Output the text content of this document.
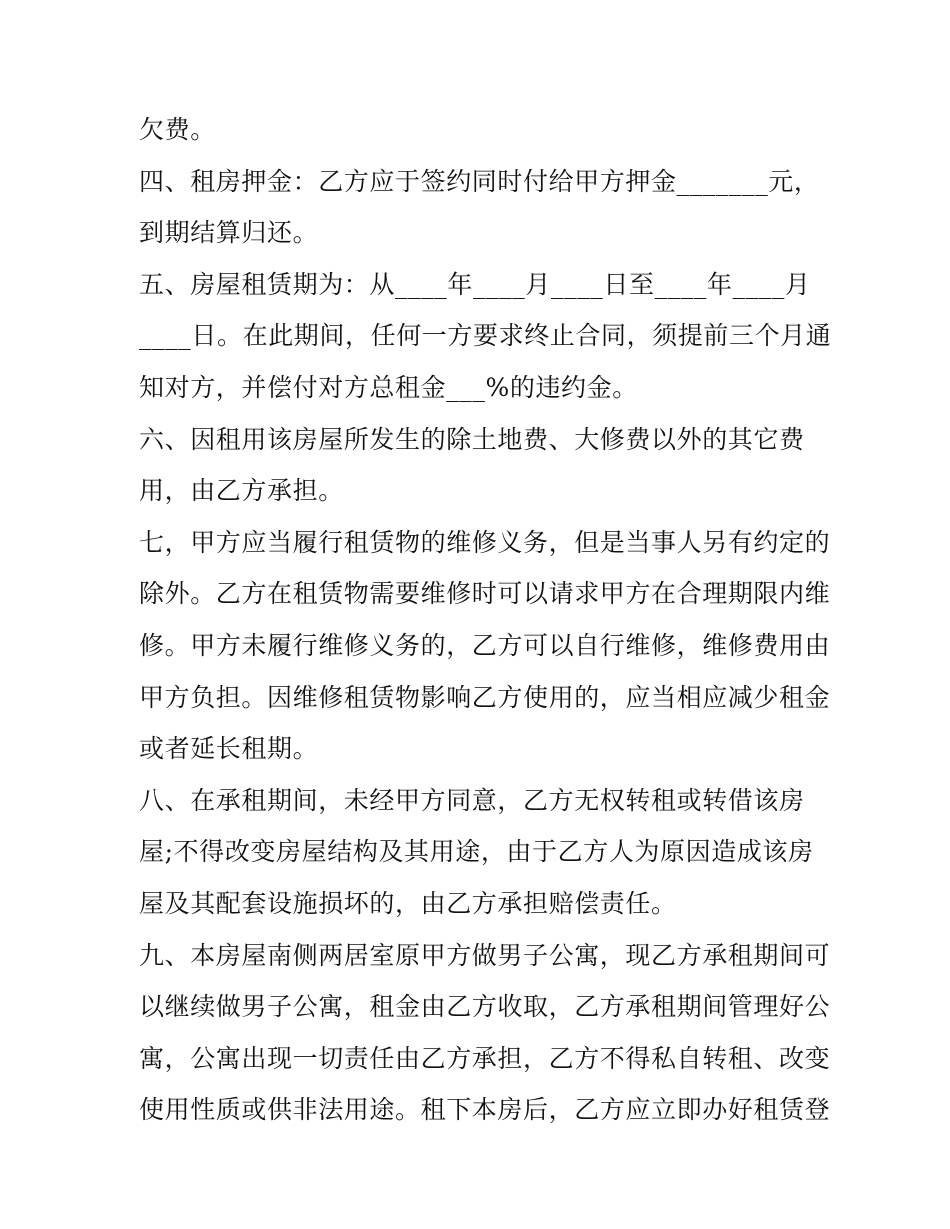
欠费。
四、租房押金：乙方应于签约同时付给甲方押金_______元，
到期结算归还。
五、房屋租赁期为：从____年____月____日至____年____月
____日。在此期间，任何一方要求终止合同，须提前三个月通
知对方，并偿付对方总租金___%的违约金。
六、因租用该房屋所发生的除土地费、大修费以外的其它费
用，由乙方承担。
七，甲方应当履行租赁物的维修义务，但是当事人另有约定的
除外。乙方在租赁物需要维修时可以请求甲方在合理期限内维
修。甲方未履行维修义务的，乙方可以自行维修，维修费用由
甲方负担。因维修租赁物影响乙方使用的，应当相应减少租金
或者延长租期。
八、在承租期间，未经甲方同意，乙方无权转租或转借该房
屋;不得改变房屋结构及其用途，由于乙方人为原因造成该房
屋及其配套设施损坏的，由乙方承担赔偿责任。
九、本房屋南侧两居室原甲方做男子公寓，现乙方承租期间可
以继续做男子公寓，租金由乙方收取，乙方承租期间管理好公
寓，公寓出现一切责任由乙方承担，乙方不得私自转租、改变
使用性质或供非法用途。租下本房后，乙方应立即办好租赁登
